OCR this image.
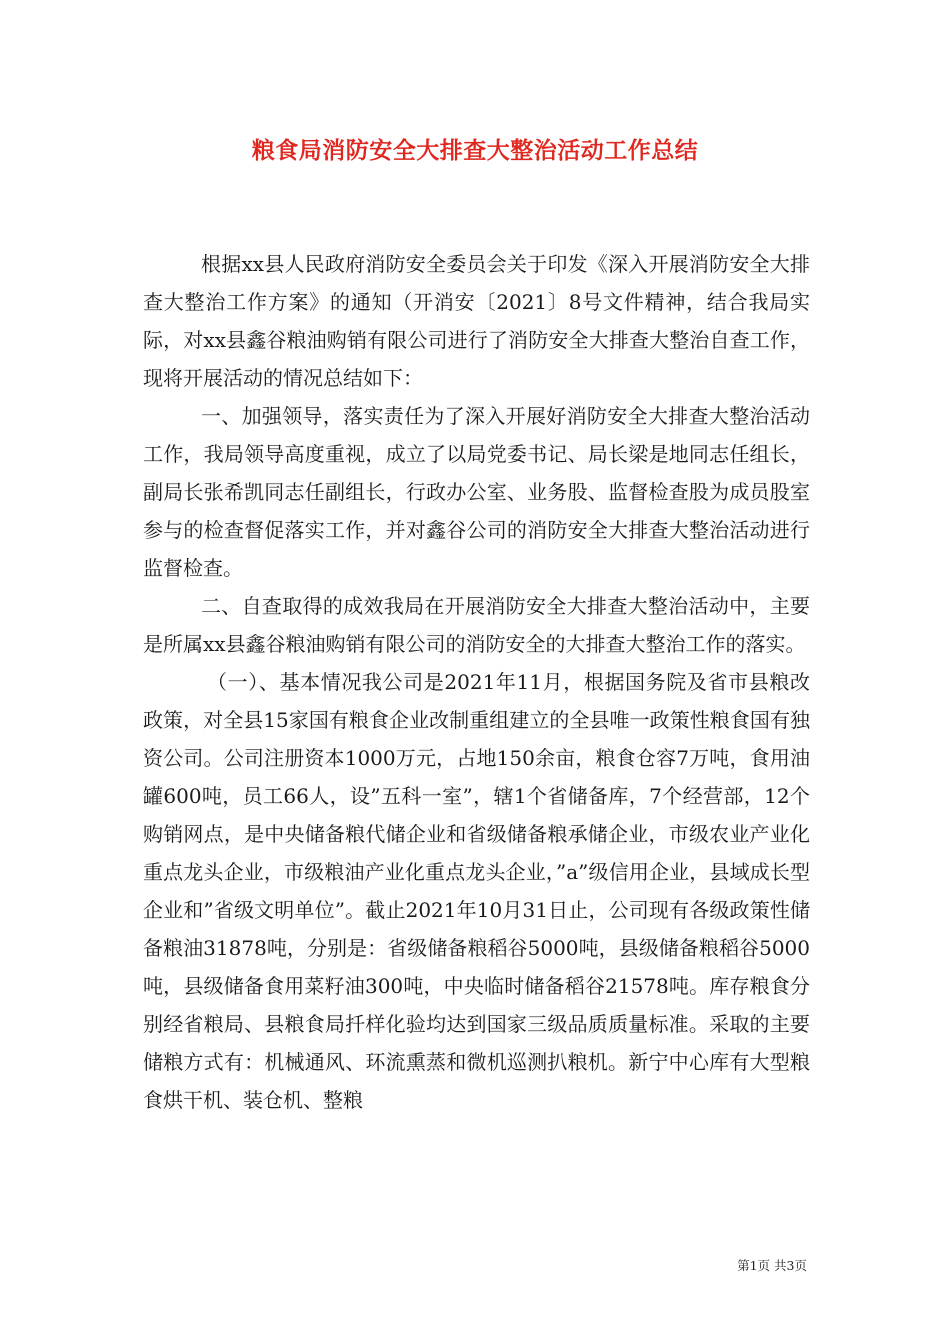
粮食局消防安全大排查大整治活动工作总结

根据xx县人民政府消防安全委员会关于印发《深入开展消防安全大排查大整治工作方案》的通知（开消安〔2021〕8号文件精神，结合我局实际，对xx县鑫谷粮油购销有限公司进行了消防安全大排查大整治自查工作，现将开展活动的情况总结如下：

一、加强领导，落实责任为了深入开展好消防安全大排查大整治活动工作，我局领导高度重视，成立了以局党委书记、局长梁是地同志任组长，副局长张希凯同志任副组长，行政办公室、业务股、监督检查股为成员股室参与的检查督促落实工作，并对鑫谷公司的消防安全大排查大整治活动进行监督检查。

二、自查取得的成效我局在开展消防安全大排查大整治活动中，主要是所属xx县鑫谷粮油购销有限公司的消防安全的大排查大整治工作的落实。

（一）、基本情况我公司是2021年11月，根据国务院及省市县粮改政策，对全县15家国有粮食企业改制重组建立的全县唯一政策性粮食国有独资公司。公司注册资本1000万元，占地150余亩，粮食仓容7万吨，食用油罐600吨，员工66人，设”五科一室”，辖1个省储备库，7个经营部，12个购销网点，是中央储备粮代储企业和省级储备粮承储企业，市级农业产业化重点龙头企业，市级粮油产业化重点龙头企业，”a”级信用企业，县域成长型企业和”省级文明单位”。截止2021年10月31日止，公司现有各级政策性储备粮油31878吨，分别是：省级储备粮稻谷5000吨，县级储备粮稻谷5000吨，县级储备食用菜籽油300吨，中央临时储备稻谷21578吨。库存粮食分别经省粮局、县粮食局扦样化验均达到国家三级品质质量标准。采取的主要储粮方式有：机械通风、环流熏蒸和微机巡测扒粮机。新宁中心库有大型粮食烘干机、装仓机、整粮

第1页 共3页
